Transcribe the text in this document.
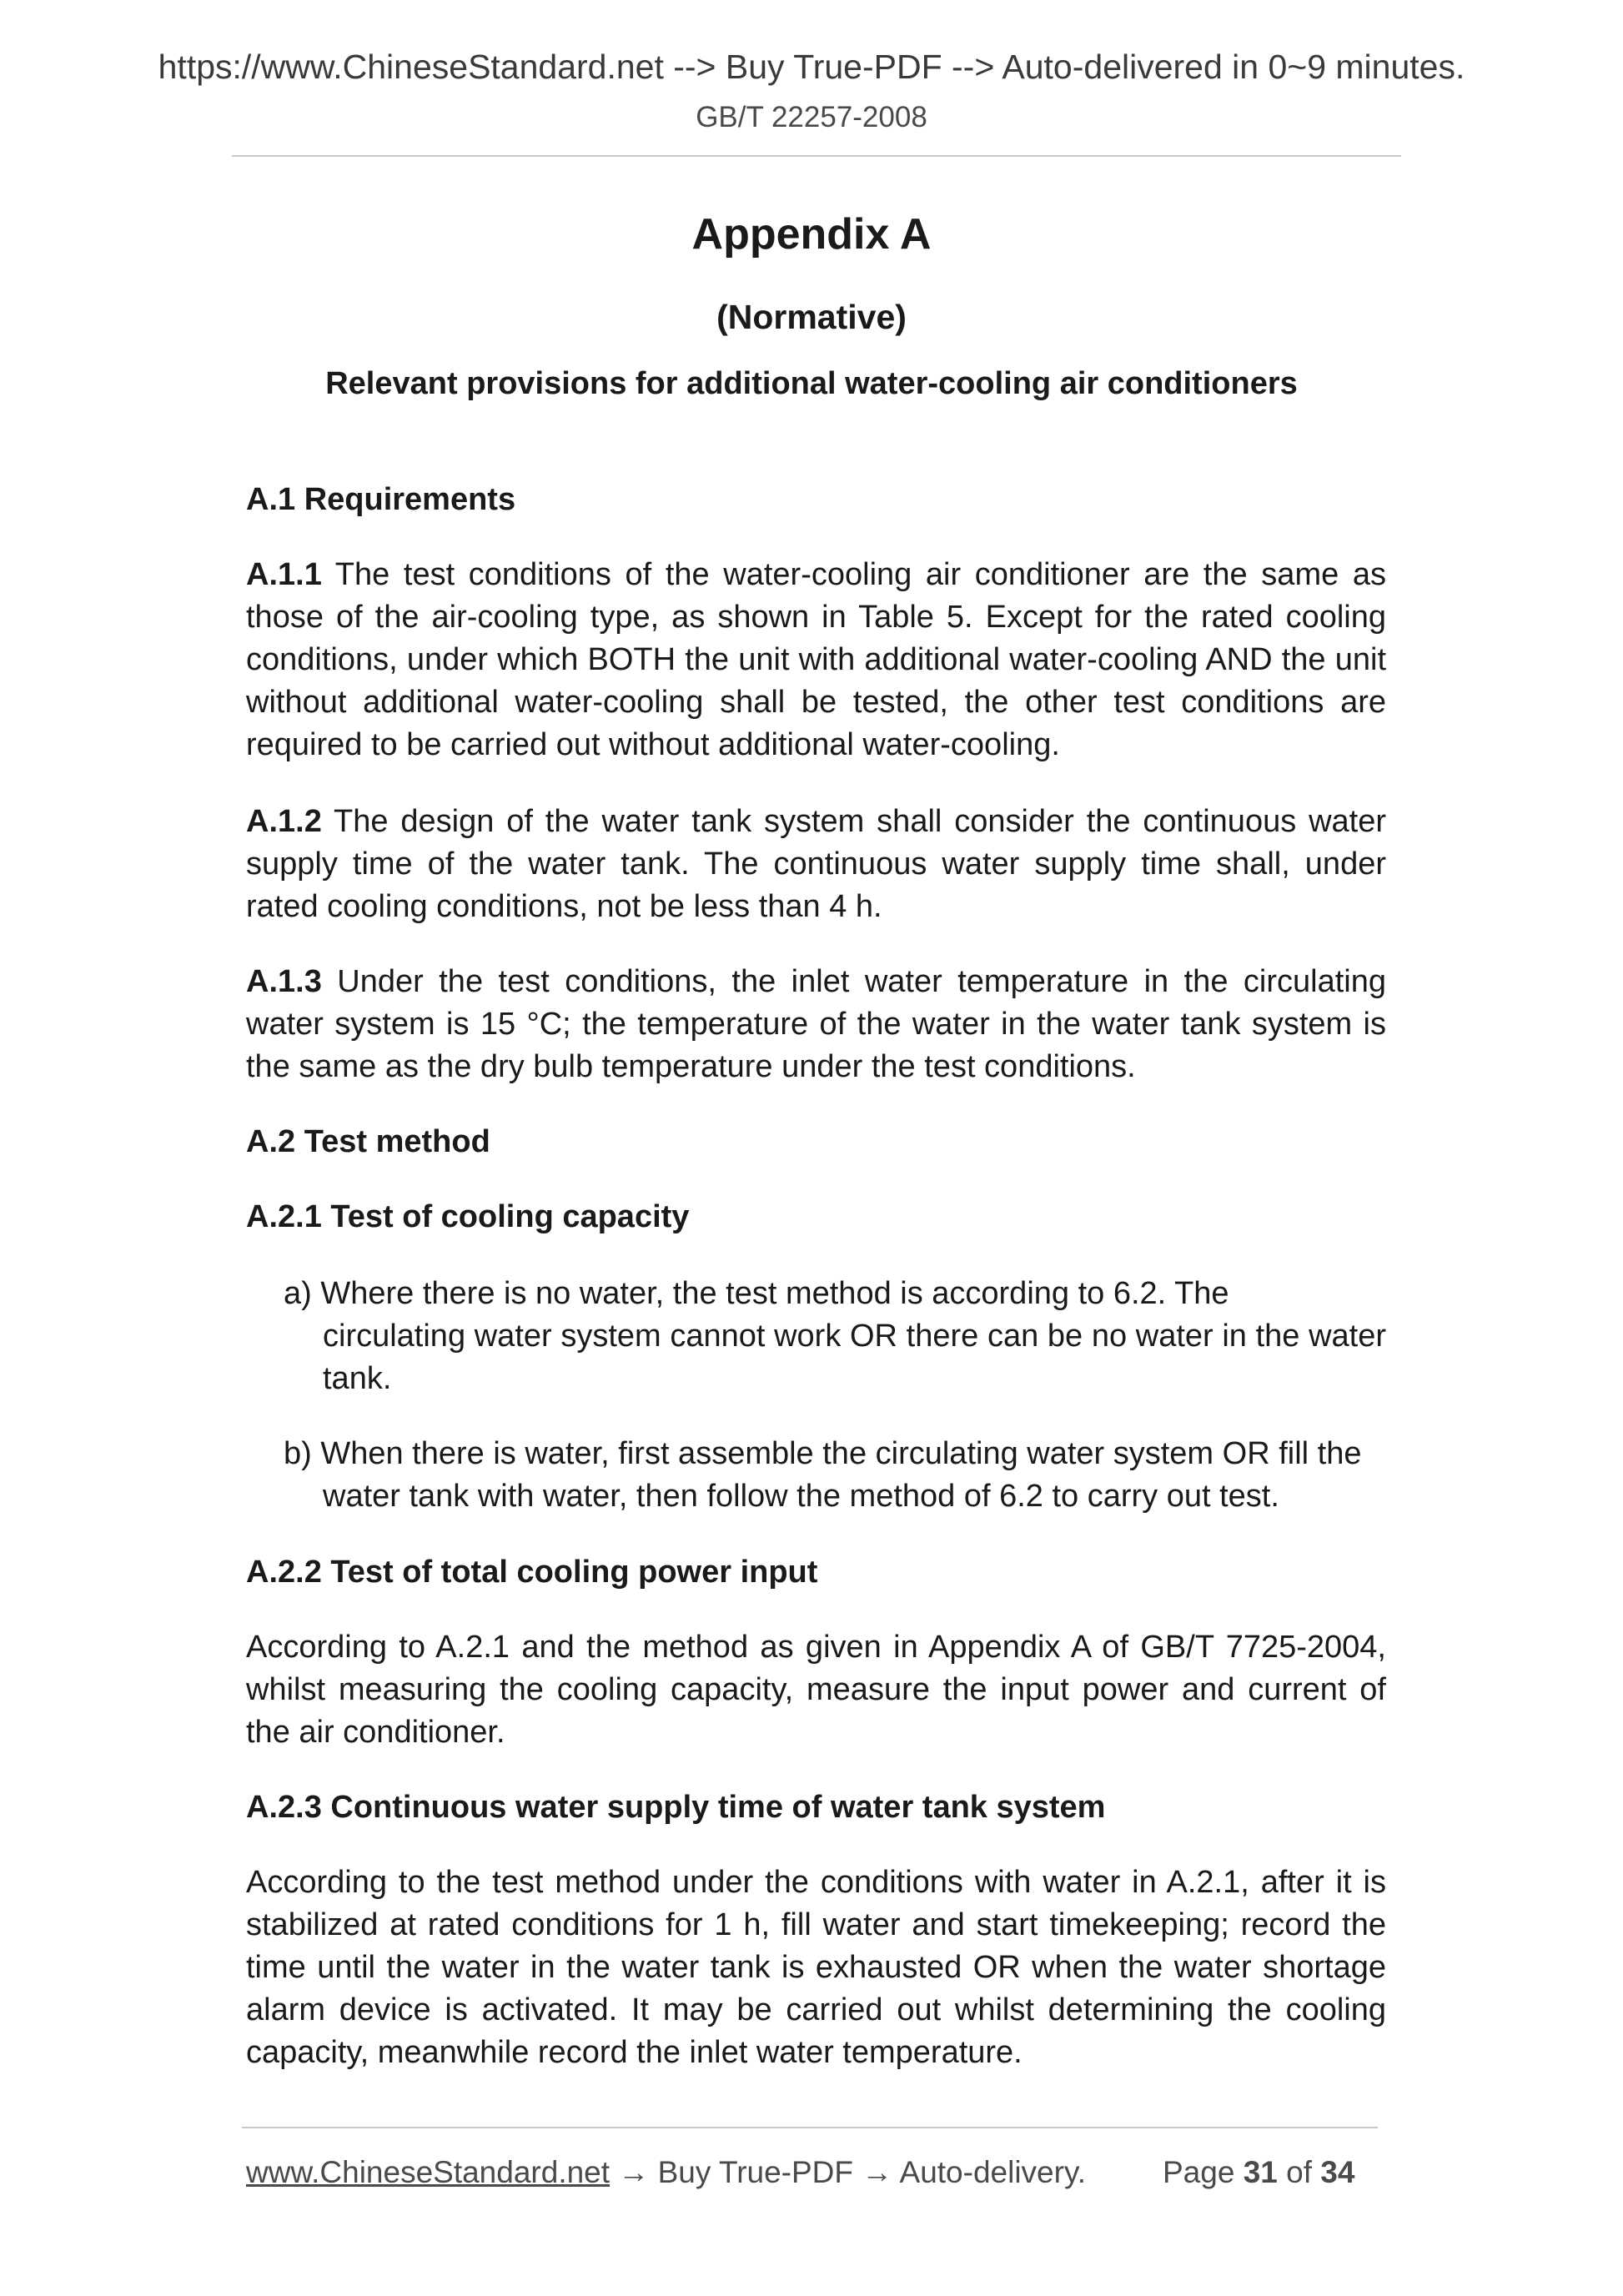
https://www.ChineseStandard.net --> Buy True-PDF --> Auto-delivered in 0~9 minutes.
GB/T 22257-2008
Appendix A
(Normative)
Relevant provisions for additional water-cooling air conditioners

A.1 Requirements

A.1.1 The test conditions of the water-cooling air conditioner are the same as those of the air-cooling type, as shown in Table 5. Except for the rated cooling conditions, under which BOTH the unit with additional water-cooling AND the unit without additional water-cooling shall be tested, the other test conditions are required to be carried out without additional water-cooling.

A.1.2 The design of the water tank system shall consider the continuous water supply time of the water tank. The continuous water supply time shall, under rated cooling conditions, not be less than 4 h.

A.1.3 Under the test conditions, the inlet water temperature in the circulating water system is 15 °C; the temperature of the water in the water tank system is the same as the dry bulb temperature under the test conditions.

A.2 Test method

A.2.1 Test of cooling capacity

a) Where there is no water, the test method is according to 6.2. The
circulating water system cannot work OR there can be no water in the water tank.
b) When there is water, first assemble the circulating water system OR fill the
water tank with water, then follow the method of 6.2 to carry out test.

A.2.2 Test of total cooling power input

According to A.2.1 and the method as given in Appendix A of GB/T 7725-2004, whilst measuring the cooling capacity, measure the input power and current of the air conditioner.

A.2.3 Continuous water supply time of water tank system

According to the test method under the conditions with water in A.2.1, after it is stabilized at rated conditions for 1 h, fill water and start timekeeping; record the time until the water in the water tank is exhausted OR when the water shortage alarm device is activated. It may be carried out whilst determining the cooling capacity, meanwhile record the inlet water temperature.

www.ChineseStandard.net → Buy True-PDF → Auto-delivery. Page 31 of 34
